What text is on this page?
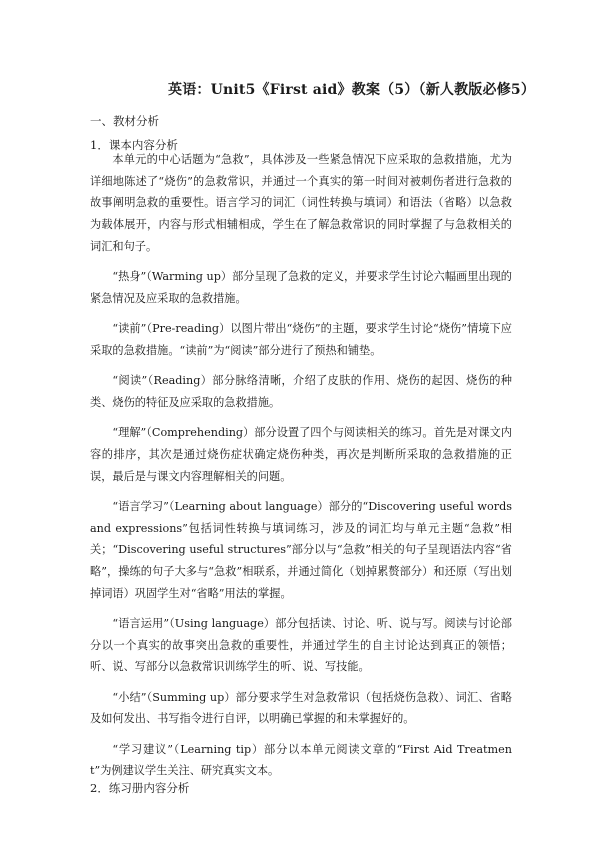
英语：Unit5《First aid》教案（5）（新人教版必修5）
一、教材分析
1．课本内容分析

本单元的中心话题为“急救”，具体涉及一些紧急情况下应采取的急救措施，尤为详细地陈述了“烧伤”的急救常识，并通过一个真实的第一时间对被刺伤者进行急救的故事阐明急救的重要性。语言学习的词汇（词性转换与填词）和语法（省略）以急救为载体展开，内容与形式相辅相成，学生在了解急救常识的同时掌握了与急救相关的词汇和句子。

“热身”（Warming up）部分呈现了急救的定义，并要求学生讨论六幅画里出现的紧急情况及应采取的急救措施。

“读前”（Pre-reading）以图片带出“烧伤”的主题，要求学生讨论“烧伤”情境下应采取的急救措施。“读前”为“阅读”部分进行了预热和铺垫。

“阅读”（Reading）部分脉络清晰，介绍了皮肤的作用、烧伤的起因、烧伤的种类、烧伤的特征及应采取的急救措施。

“理解”（Comprehending）部分设置了四个与阅读相关的练习。首先是对课文内容的排序，其次是通过烧伤症状确定烧伤种类，再次是判断所采取的急救措施的正误，最后是与课文内容理解相关的问题。

“语言学习”（Learning about language）部分的“Discovering useful words and expressions”包括词性转换与填词练习，涉及的词汇均与单元主题“急救”相关；“Discovering useful structures”部分以与“急救”相关的句子呈现语法内容“省略”，操练的句子大多与“急救”相联系，并通过简化（划掉累赘部分）和还原（写出划掉词语）巩固学生对“省略”用法的掌握。

“语言运用”（Using language）部分包括读、讨论、听、说与写。阅读与讨论部分以一个真实的故事突出急救的重要性，并通过学生的自主讨论达到真正的领悟；听、说、写部分以急救常识训练学生的听、说、写技能。

“小结”（Summing up）部分要求学生对急救常识（包括烧伤急救）、词汇、省略及如何发出、书写指令进行自评，以明确已掌握的和未掌握好的。

“学习建议”（Learning tip）部分以本单元阅读文章的“First Aid Treatment”为例建议学生关注、研究真实文本。

2．练习册内容分析
